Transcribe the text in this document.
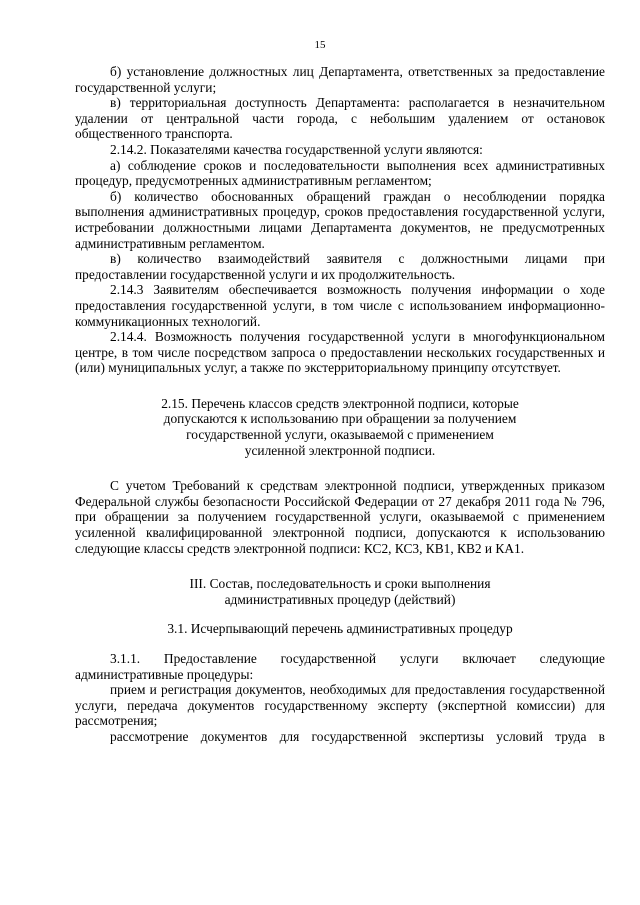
15

б) установление должностных лиц Департамента, ответственных за предоставление государственной услуги;

в) территориальная доступность Департамента: располагается в незначительном удалении от центральной части города, с небольшим удалением от остановок общественного транспорта.

2.14.2. Показателями качества государственной услуги являются:

а) соблюдение сроков и последовательности выполнения всех административных процедур, предусмотренных административным регламентом;

б) количество обоснованных обращений граждан о несоблюдении порядка выполнения административных процедур, сроков предоставления государственной услуги, истребовании должностными лицами Департамента документов, не предусмотренных административным регламентом.

в) количество взаимодействий заявителя с должностными лицами при предоставлении государственной услуги и их продолжительность.

2.14.3 Заявителям обеспечивается возможность получения информации о ходе предоставления государственной услуги, в том числе с использованием информационно-коммуникационных технологий.

2.14.4. Возможность получения государственной услуги в многофункциональном центре, в том числе посредством запроса о предоставлении нескольких государственных и (или) муниципальных услуг, а также по экстерриториальному принципу отсутствует.

2.15. Перечень классов средств электронной подписи, которые

допускаются к использованию при обращении за получением

государственной услуги, оказываемой с применением

усиленной электронной подписи.

С учетом Требований к средствам электронной подписи, утвержденных приказом Федеральной службы безопасности Российской Федерации от 27 декабря 2011 года № 796, при обращении за получением государственной услуги, оказываемой с применением усиленной квалифицированной электронной подписи, допускаются к использованию следующие классы средств электронной подписи: КС2, КС3, КВ1, КВ2 и КА1.

III. Состав, последовательность и сроки выполнения

административных процедур (действий)

3.1. Исчерпывающий перечень административных процедур

3.1.1. Предоставление государственной услуги включает следующие административные процедуры:

прием и регистрация документов, необходимых для предоставления государственной услуги, передача документов государственному эксперту (экспертной комиссии) для рассмотрения;

рассмотрение документов для государственной экспертизы условий труда в
